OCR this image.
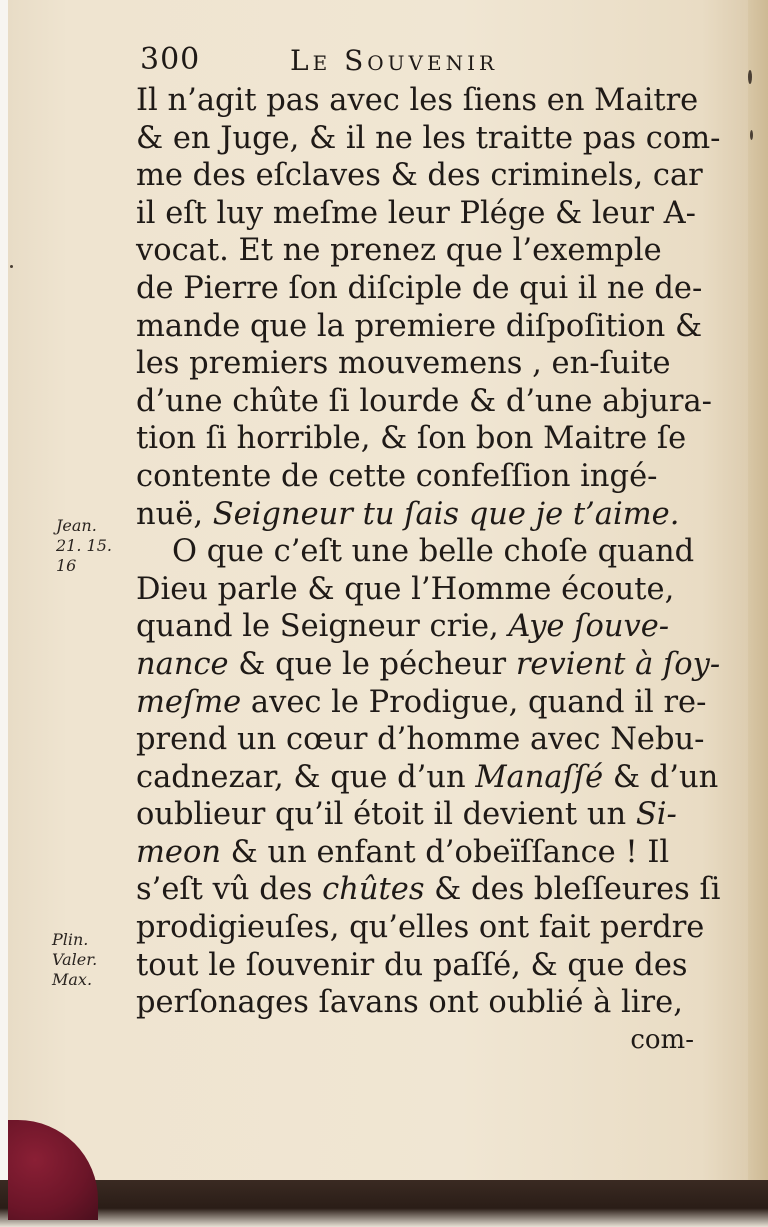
300	Le Souvenir
Il n’agit pas avec les ſiens en Maitre
& en Juge, & il ne les traitte pas com-
me des eſclaves & des criminels, car
il eſt luy meſme leur Plége & leur A-
vocat. Et ne prenez que l’exemple
de Pierre ſon diſciple de qui il ne de-
mande que la premiere diſpoſition &
les premiers mouvemens , en-ſuite
d’une chûte ſi lourde & d’une abjura-
tion ſi horrible, & ſon bon Maitre ſe
contente de cette confeſſion ingé-
nuë, Seigneur tu ſais que je t’aime.
O que c’eſt une belle choſe quand
Dieu parle & que l’Homme écoute,
quand le Seigneur crie, Aye ſouve-
nance & que le pécheur revient à ſoy-
meſme avec le Prodigue, quand il re-
prend un cœur d’homme avec Nebu-
cadnezar, & que d’un Manaſſé & d’un
oublieur qu’il étoit il devient un Si-
meon & un enfant d’obeïſſance ! Il
s’eſt vû des chûtes & des bleſſeures ſi
prodigieuſes, qu’elles ont fait perdre
tout le ſouvenir du paſſé, & que des
perſonages ſavans ont oublié à lire,
com-
Jean.
21. 15.
16
Plin.
Valer.
Max.
